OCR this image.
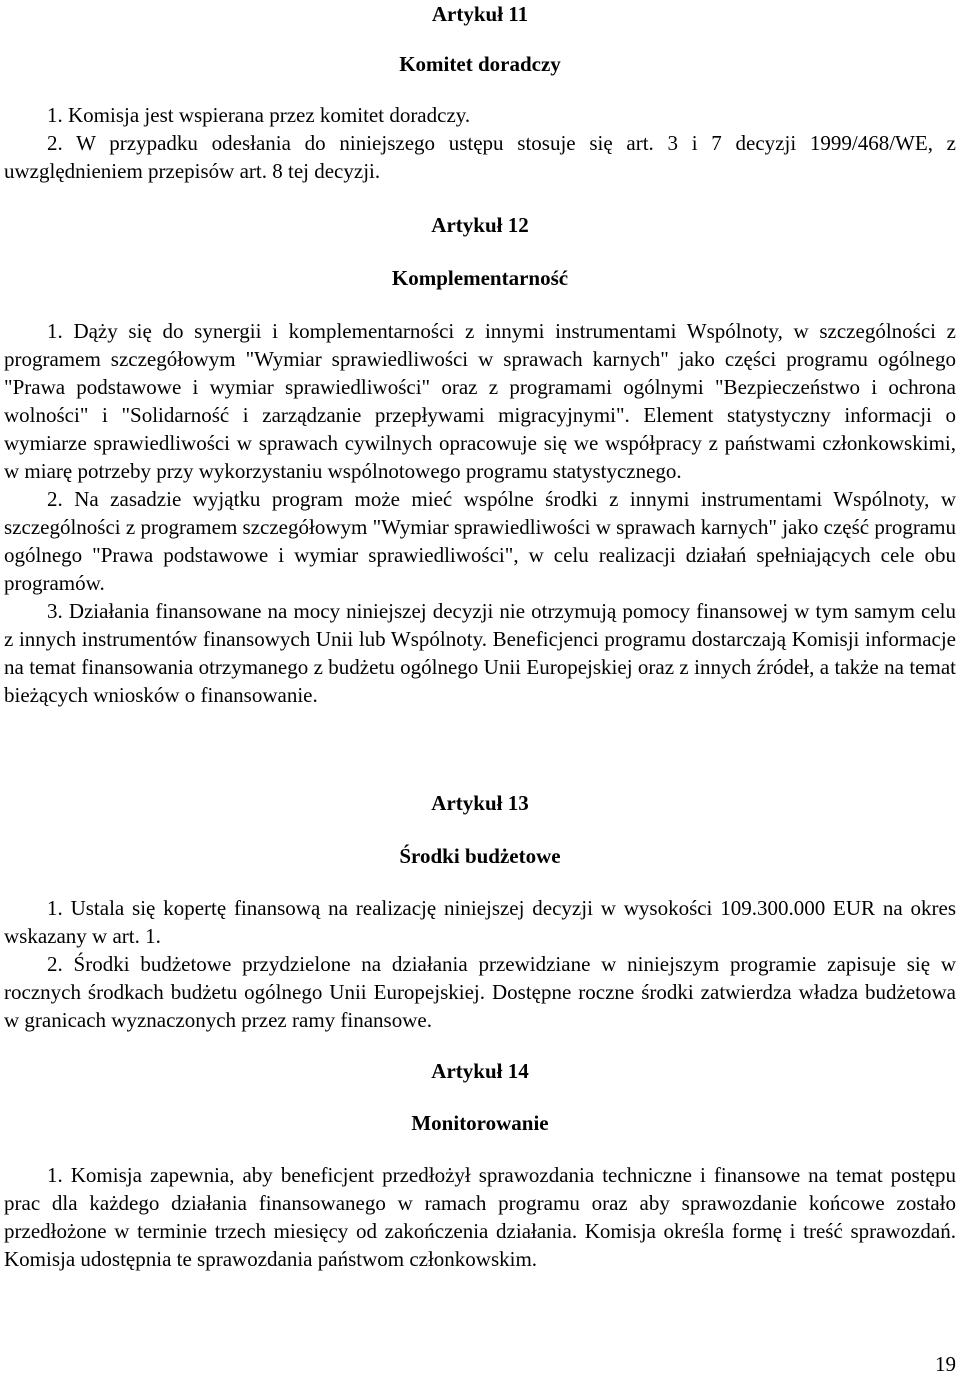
Artykuł 11
Komitet doradczy

1. Komisja jest wspierana przez komitet doradczy.

2. W przypadku odesłania do niniejszego ustępu stosuje się art. 3 i 7 decyzji 1999/468/WE, z uwzględnieniem przepisów art. 8 tej decyzji.

Artykuł 12
Komplementarność

1. Dąży się do synergii i komplementarności z innymi instrumentami Wspólnoty, w szczególności z programem szczegółowym "Wymiar sprawiedliwości w sprawach karnych" jako części programu ogólnego "Prawa podstawowe i wymiar sprawiedliwości" oraz z programami ogólnymi "Bezpieczeństwo i ochrona wolności" i "Solidarność i zarządzanie przepływami migracyjnymi". Element statystyczny informacji o wymiarze sprawiedliwości w sprawach cywilnych opracowuje się we współpracy z państwami członkowskimi, w miarę potrzeby przy wykorzystaniu wspólnotowego programu statystycznego.

2. Na zasadzie wyjątku program może mieć wspólne środki z innymi instrumentami Wspólnoty, w szczególności z programem szczegółowym "Wymiar sprawiedliwości w sprawach karnych" jako część programu ogólnego "Prawa podstawowe i wymiar sprawiedliwości", w celu realizacji działań spełniających cele obu programów.

3. Działania finansowane na mocy niniejszej decyzji nie otrzymują pomocy finansowej w tym samym celu z innych instrumentów finansowych Unii lub Wspólnoty. Beneficjenci programu dostarczają Komisji informacje na temat finansowania otrzymanego z budżetu ogólnego Unii Europejskiej oraz z innych źródeł, a także na temat bieżących wniosków o finansowanie.

Artykuł 13
Środki budżetowe

1. Ustala się kopertę finansową na realizację niniejszej decyzji w wysokości 109.300.000 EUR na okres wskazany w art. 1.

2. Środki budżetowe przydzielone na działania przewidziane w niniejszym programie zapisuje się w rocznych środkach budżetu ogólnego Unii Europejskiej. Dostępne roczne środki zatwierdza władza budżetowa w granicach wyznaczonych przez ramy finansowe.

Artykuł 14
Monitorowanie

1. Komisja zapewnia, aby beneficjent przedłożył sprawozdania techniczne i finansowe na temat postępu prac dla każdego działania finansowanego w ramach programu oraz aby sprawozdanie końcowe zostało przedłożone w terminie trzech miesięcy od zakończenia działania. Komisja określa formę i treść sprawozdań. Komisja udostępnia te sprawozdania państwom członkowskim.

19
